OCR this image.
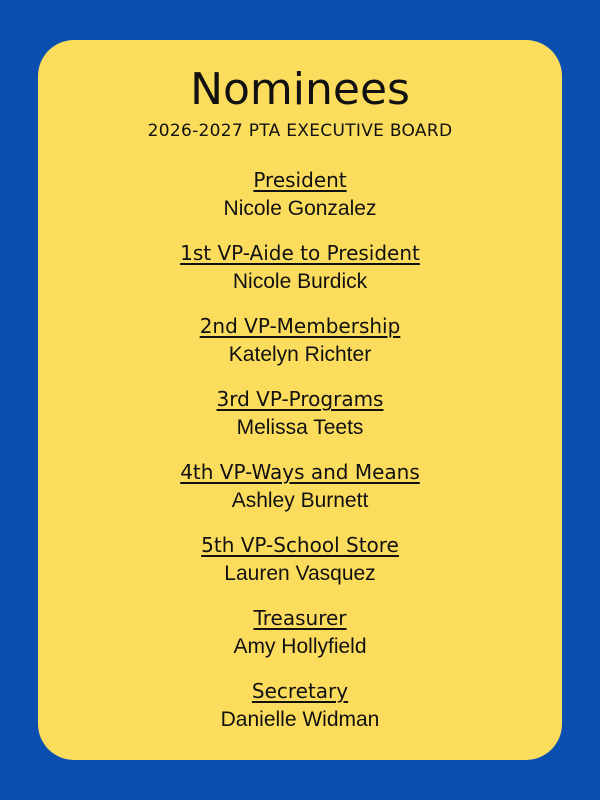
Nominees
2026-2027 PTA EXECUTIVE BOARD
President
Nicole Gonzalez
1st VP-Aide to President
Nicole Burdick
2nd VP-Membership
Katelyn Richter
3rd VP-Programs
Melissa Teets
4th VP-Ways and Means
Ashley Burnett
5th VP-School Store
Lauren Vasquez
Treasurer
Amy Hollyfield
Secretary
Danielle Widman
